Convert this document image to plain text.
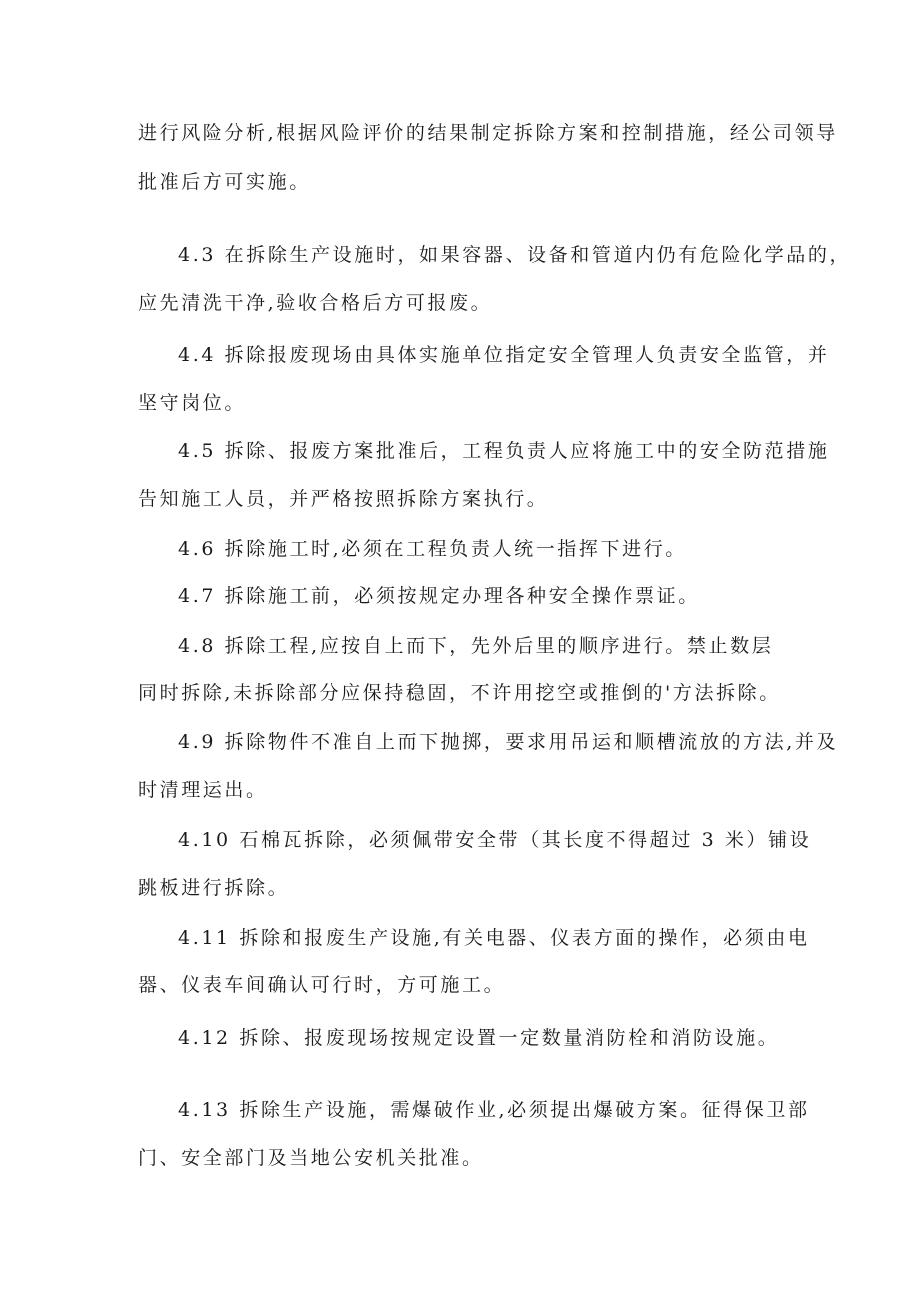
进行风险分析,根据风险评价的结果制定拆除方案和控制措施，经公司领导
批准后方可实施。
4.3 在拆除生产设施时，如果容器、设备和管道内仍有危险化学品的，
应先清洗干净,验收合格后方可报废。
4.4 拆除报废现场由具体实施单位指定安全管理人负责安全监管，并
坚守岗位。
4.5 拆除、报废方案批准后，工程负责人应将施工中的安全防范措施
告知施工人员，并严格按照拆除方案执行。
4.6 拆除施工时,必须在工程负责人统一指挥下进行。
4.7 拆除施工前，必须按规定办理各种安全操作票证。
4.8 拆除工程,应按自上而下，先外后里的顺序进行。禁止数层
同时拆除,未拆除部分应保持稳固，不许用挖空或推倒的'方法拆除。
4.9 拆除物件不准自上而下抛掷，要求用吊运和顺槽流放的方法,并及
时清理运出。
4.10 石棉瓦拆除，必须佩带安全带（其长度不得超过 3 米）铺设
跳板进行拆除。
4.11 拆除和报废生产设施,有关电器、仪表方面的操作，必须由电
器、仪表车间确认可行时，方可施工。
4.12 拆除、报废现场按规定设置一定数量消防栓和消防设施。
4.13 拆除生产设施，需爆破作业,必须提出爆破方案。征得保卫部
门、安全部门及当地公安机关批准。
